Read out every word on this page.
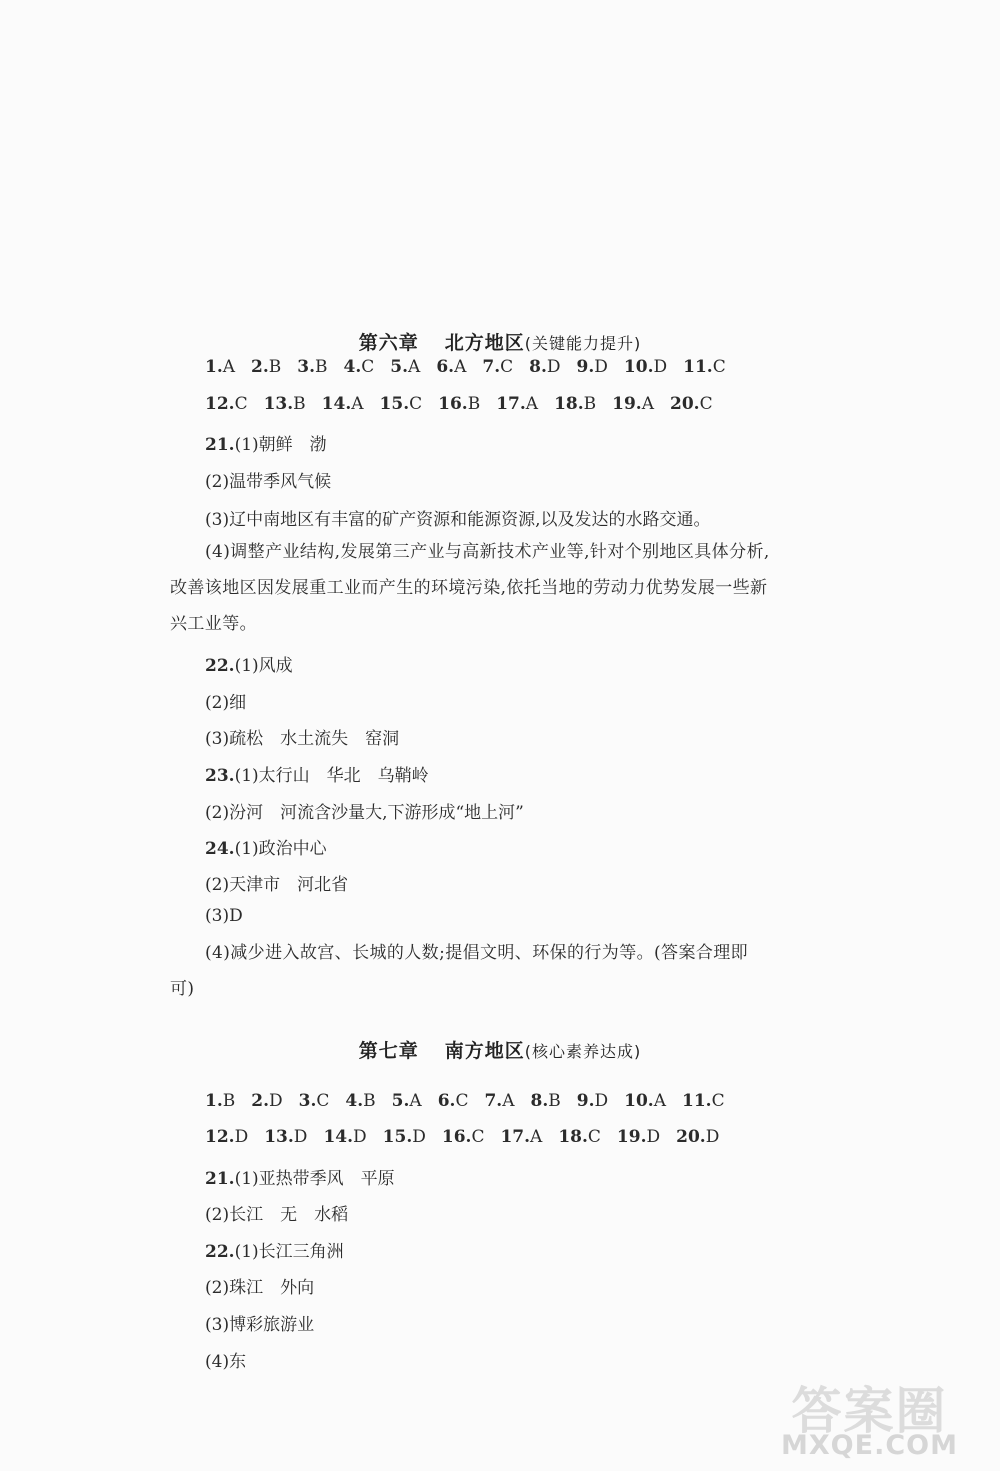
第六章 北方地区(关键能力提升)
1.A 2.B 3.B 4.C 5.A 6.A 7.C 8.D 9.D 10.D 11.C
12.C 13.B 14.A 15.C 16.B 17.A 18.B 19.A 20.C
21.(1)朝鲜　渤
(2)温带季风气候
(3)辽中南地区有丰富的矿产资源和能源资源,以及发达的水路交通。
(4)调整产业结构,发展第三产业与高新技术产业等,针对个别地区具体分析,改善该地区因发展重工业而产生的环境污染,依托当地的劳动力优势发展一些新兴工业等。
22.(1)风成
(2)细
(3)疏松　水土流失　窑洞
23.(1)太行山　华北　乌鞘岭
(2)汾河　河流含沙量大,下游形成“地上河”
24.(1)政治中心
(2)天津市　河北省
(3)D
(4)减少进入故宫、长城的人数;提倡文明、环保的行为等。(答案合理即可)
第七章 南方地区(核心素养达成)
1.B 2.D 3.C 4.B 5.A 6.C 7.A 8.B 9.D 10.A 11.C
12.D 13.D 14.D 15.D 16.C 17.A 18.C 19.D 20.D
21.(1)亚热带季风　平原
(2)长江　无　水稻
22.(1)长江三角洲
(2)珠江　外向
(3)博彩旅游业
(4)东
答案圈
MXQE.COM
